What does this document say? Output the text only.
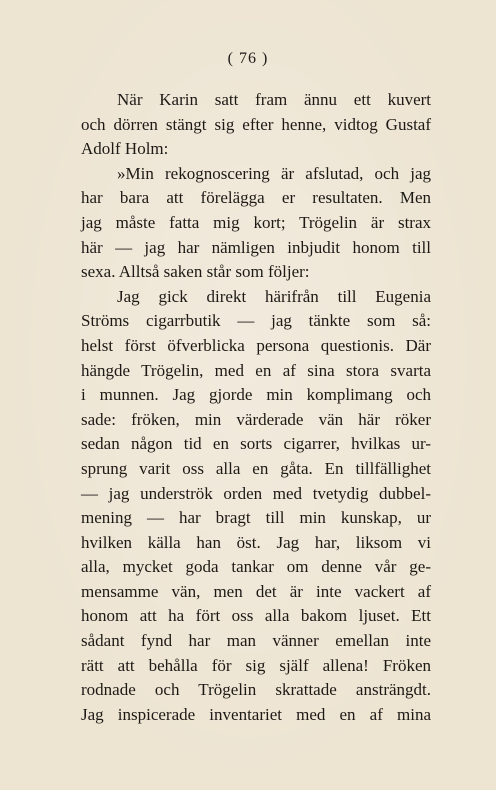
( 76 )
När Karin satt fram ännu ett kuvert
och dörren stängt sig efter henne, vidtog Gustaf
Adolf Holm:
»Min rekognoscering är afslutad, och jag
har bara att förelägga er resultaten. Men
jag måste fatta mig kort; Trögelin är strax
här — jag har nämligen inbjudit honom till
sexa. Alltså saken står som följer:
Jag gick direkt härifrån till Eugenia
Ströms cigarrbutik — jag tänkte som så:
helst först öfverblicka persona questionis. Där
hängde Trögelin, med en af sina stora svarta
i munnen. Jag gjorde min komplimang och
sade: fröken, min värderade vän här röker
sedan någon tid en sorts cigarrer, hvilkas ur-
sprung varit oss alla en gåta. En tillfällighet
— jag underströk orden med tvetydig dubbel-
mening — har bragt till min kunskap, ur
hvilken källa han öst. Jag har, liksom vi
alla, mycket goda tankar om denne vår ge-
mensamme vän, men det är inte vackert af
honom att ha fört oss alla bakom ljuset. Ett
sådant fynd har man vänner emellan inte
rätt att behålla för sig själf allena! Fröken
rodnade och Trögelin skrattade ansträngdt.
Jag inspicerade inventariet med en af mina
